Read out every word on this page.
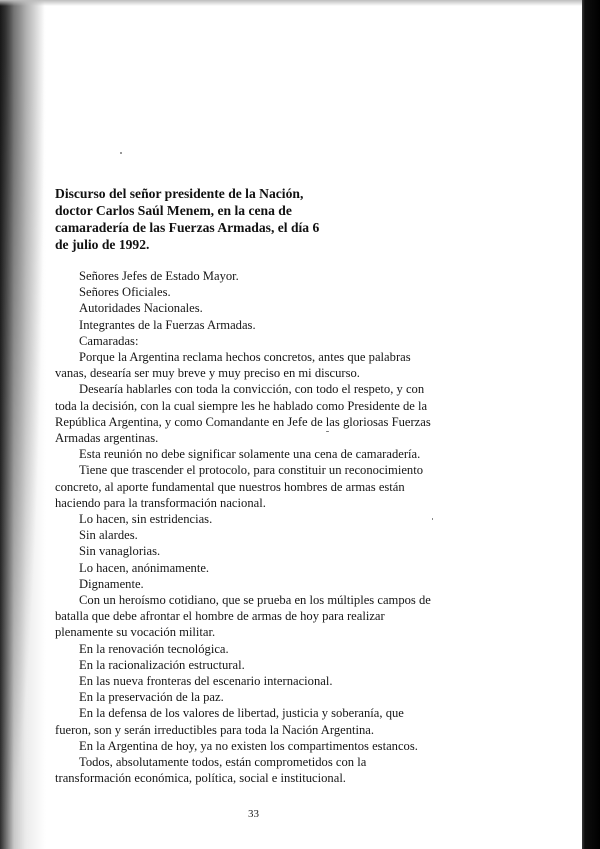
Discurso del señor presidente de la Nación,
doctor Carlos Saúl Menem, en la cena de
camaradería de las Fuerzas Armadas, el día 6
de julio de 1992.
Señores Jefes de Estado Mayor.
Señores Oficiales.
Autoridades Nacionales.
Integrantes de la Fuerzas Armadas.
Camaradas:
Porque la Argentina reclama hechos concretos, antes que palabras
vanas, desearía ser muy breve y muy preciso en mi discurso.
Desearía hablarles con toda la convicción, con todo el respeto, y con
toda la decisión, con la cual siempre les he hablado como Presidente de la
República Argentina, y como Comandante en Jefe de las gloriosas Fuerzas
Armadas argentinas.
Esta reunión no debe significar solamente una cena de camaradería.
Tiene que trascender el protocolo, para constituir un reconocimiento
concreto, al aporte fundamental que nuestros hombres de armas están
haciendo para la transformación nacional.
Lo hacen, sin estridencias.
Sin alardes.
Sin vanaglorias.
Lo hacen, anónimamente.
Dignamente.
Con un heroísmo cotidiano, que se prueba en los múltiples campos de
batalla que debe afrontar el hombre de armas de hoy para realizar
plenamente su vocación militar.
En la renovación tecnológica.
En la racionalización estructural.
En las nueva fronteras del escenario internacional.
En la preservación de la paz.
En la defensa de los valores de libertad, justicia y soberanía, que
fueron, son y serán irreductibles para toda la Nación Argentina.
En la Argentina de hoy, ya no existen los compartimentos estancos.
Todos, absolutamente todos, están comprometidos con la
transformación económica, política, social e institucional.
33
